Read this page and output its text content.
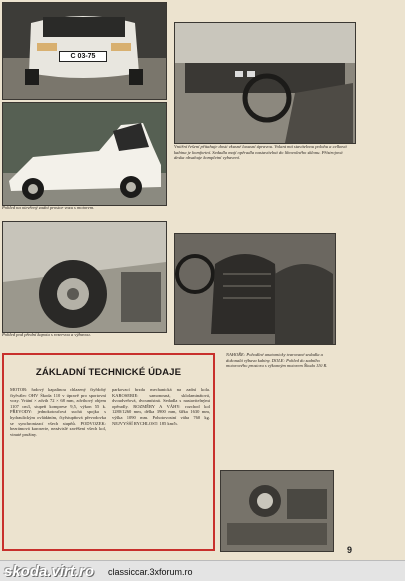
C 03-75
Vnitřní řešení přitahuje dosti vkusné luxusní úpravou. Volant má stavitelnou polohu a celková kabina je komfortní. Sedadla mají opěradla nastavitelná do libovolného sklonu. Přístrojová deska obsahuje kompletní vybavení.
Pohled na otevřený zadní prostor vozu s motorem.
Pohled pod přední kapotu s rezervou a výbavou.
ZÁKLADNÍ TECHNICKÉ ÚDAJE
MOTOR: řadový kapalinou chlazený čtyřdobý čtyřválec OHV Škoda 110 v úpravě pro sportovní vozy. Vrtání × zdvih 72 × 68 mm, zdvihový objem 1107 cm3, stupeň komprese 9,5, výkon 55 k. PŘEVODY: jednokotoučová suchá spojka s hydraulickým ovládáním, čtyřstupňová převodovka se synchronizací všech stupňů. PODVOZEK: bezrámová karoserie, nezávislé zavěšení všech kol, vinuté pružiny.
parkovací brzda mechanická na zadní kola. KAROSERIE: samonosná, sklolaminátová, dvoudveřová, dvoumístná. Sedadla s nastavitelnými opěradly. ROZMĚRY A VÁHY: rozchod kol 1280/1260 mm, délka 3900 mm, šířka 1630 mm, výška 1090 mm. Pohotovostní váha 760 kg. NEJVYŠŠÍ RYCHLOST: 185 km/h.
NAHOŘE: Pohodlné anatomicky tvarované sedadla a dokonalá výbava kabiny. DOLE: Pohled do zadního motorového prostoru s výkonným motorem Škoda 110 R.
9
skoda.virt.ro classiccar.3xforum.ro
